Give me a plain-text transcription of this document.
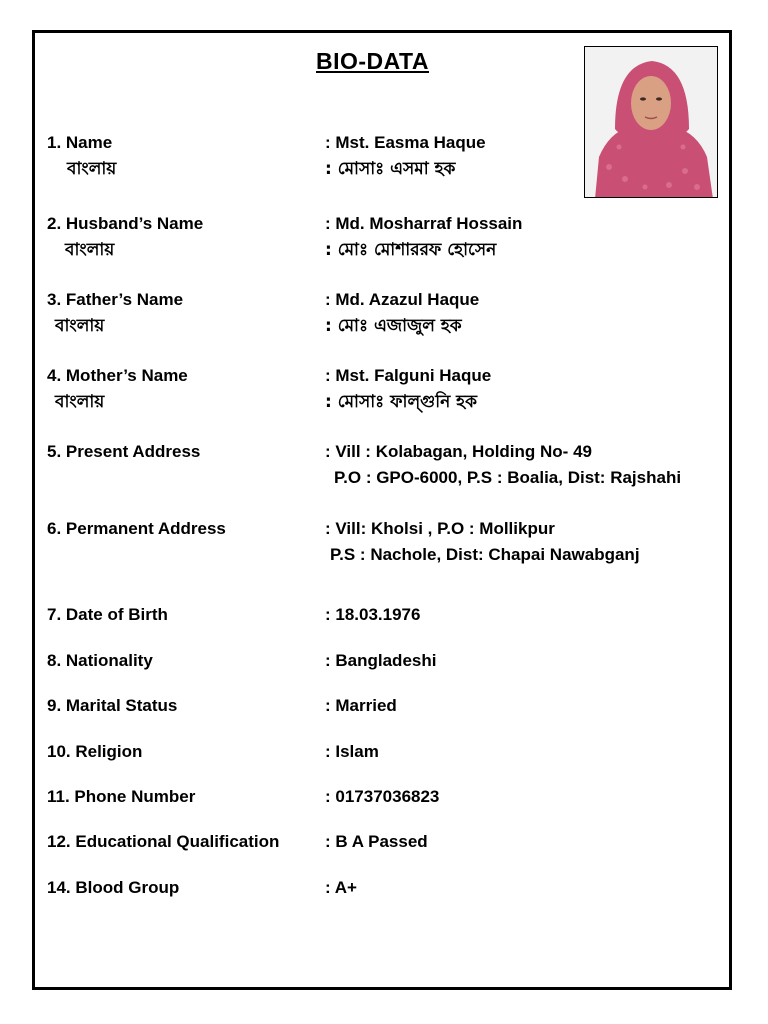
BIO-DATA
1. Name	: Mst. Easma Haque
বাংলায়	: মোসাঃ এসমা হক
2. Husband’s Name	: Md. Mosharraf Hossain
বাংলায়	: মোঃ মোশাররফ হোসেন
3. Father’s Name	: Md. Azazul Haque
বাংলায়	: মোঃ এজাজুল হক
4. Mother’s Name	: Mst. Falguni Haque
বাংলায়	: মোসাঃ ফাল্গুনি হক
5. Present Address	: Vill : Kolabagan, Holding No- 49
P.O : GPO-6000, P.S : Boalia, Dist: Rajshahi
6. Permanent Address	: Vill: Kholsi , P.O : Mollikpur
P.S : Nachole, Dist: Chapai Nawabganj
7. Date of Birth	: 18.03.1976
8. Nationality	: Bangladeshi
9. Marital Status	: Married
10. Religion	: Islam
11. Phone Number	: 01737036823
12. Educational Qualification	: B A Passed
14. Blood Group	: A+
